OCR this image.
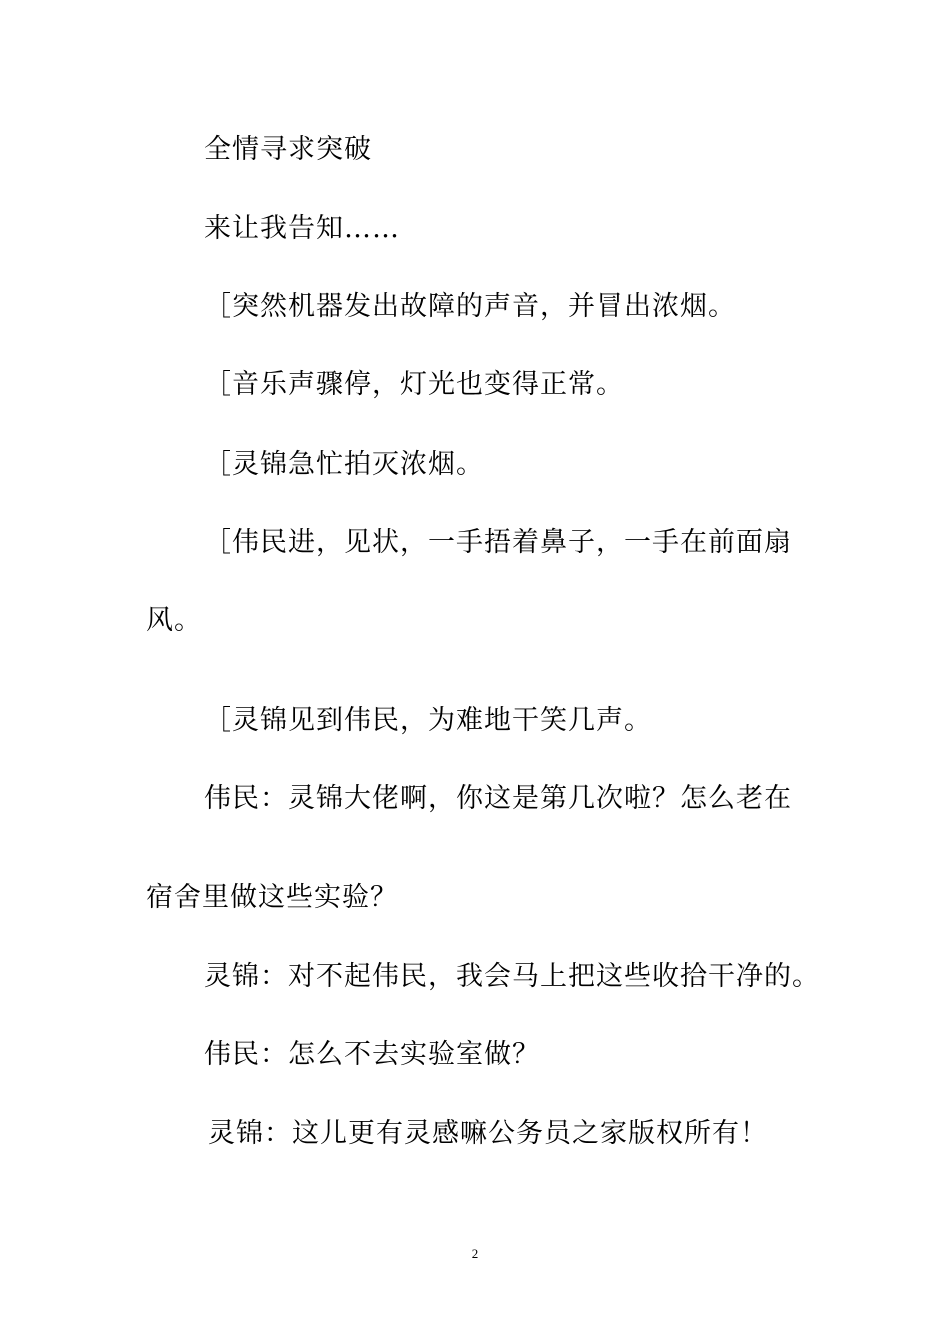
全情寻求突破
来让我告知……
［突然机器发出故障的声音，并冒出浓烟。
［音乐声骤停，灯光也变得正常。
［灵锦急忙拍灭浓烟。
［伟民进，见状，一手捂着鼻子，一手在前面扇
风。
［灵锦见到伟民，为难地干笑几声。
伟民：灵锦大佬啊，你这是第几次啦？怎么老在
宿舍里做这些实验？
灵锦：对不起伟民，我会马上把这些收拾干净的。
伟民：怎么不去实验室做？
灵锦：这儿更有灵感嘛公务员之家版权所有！
2
